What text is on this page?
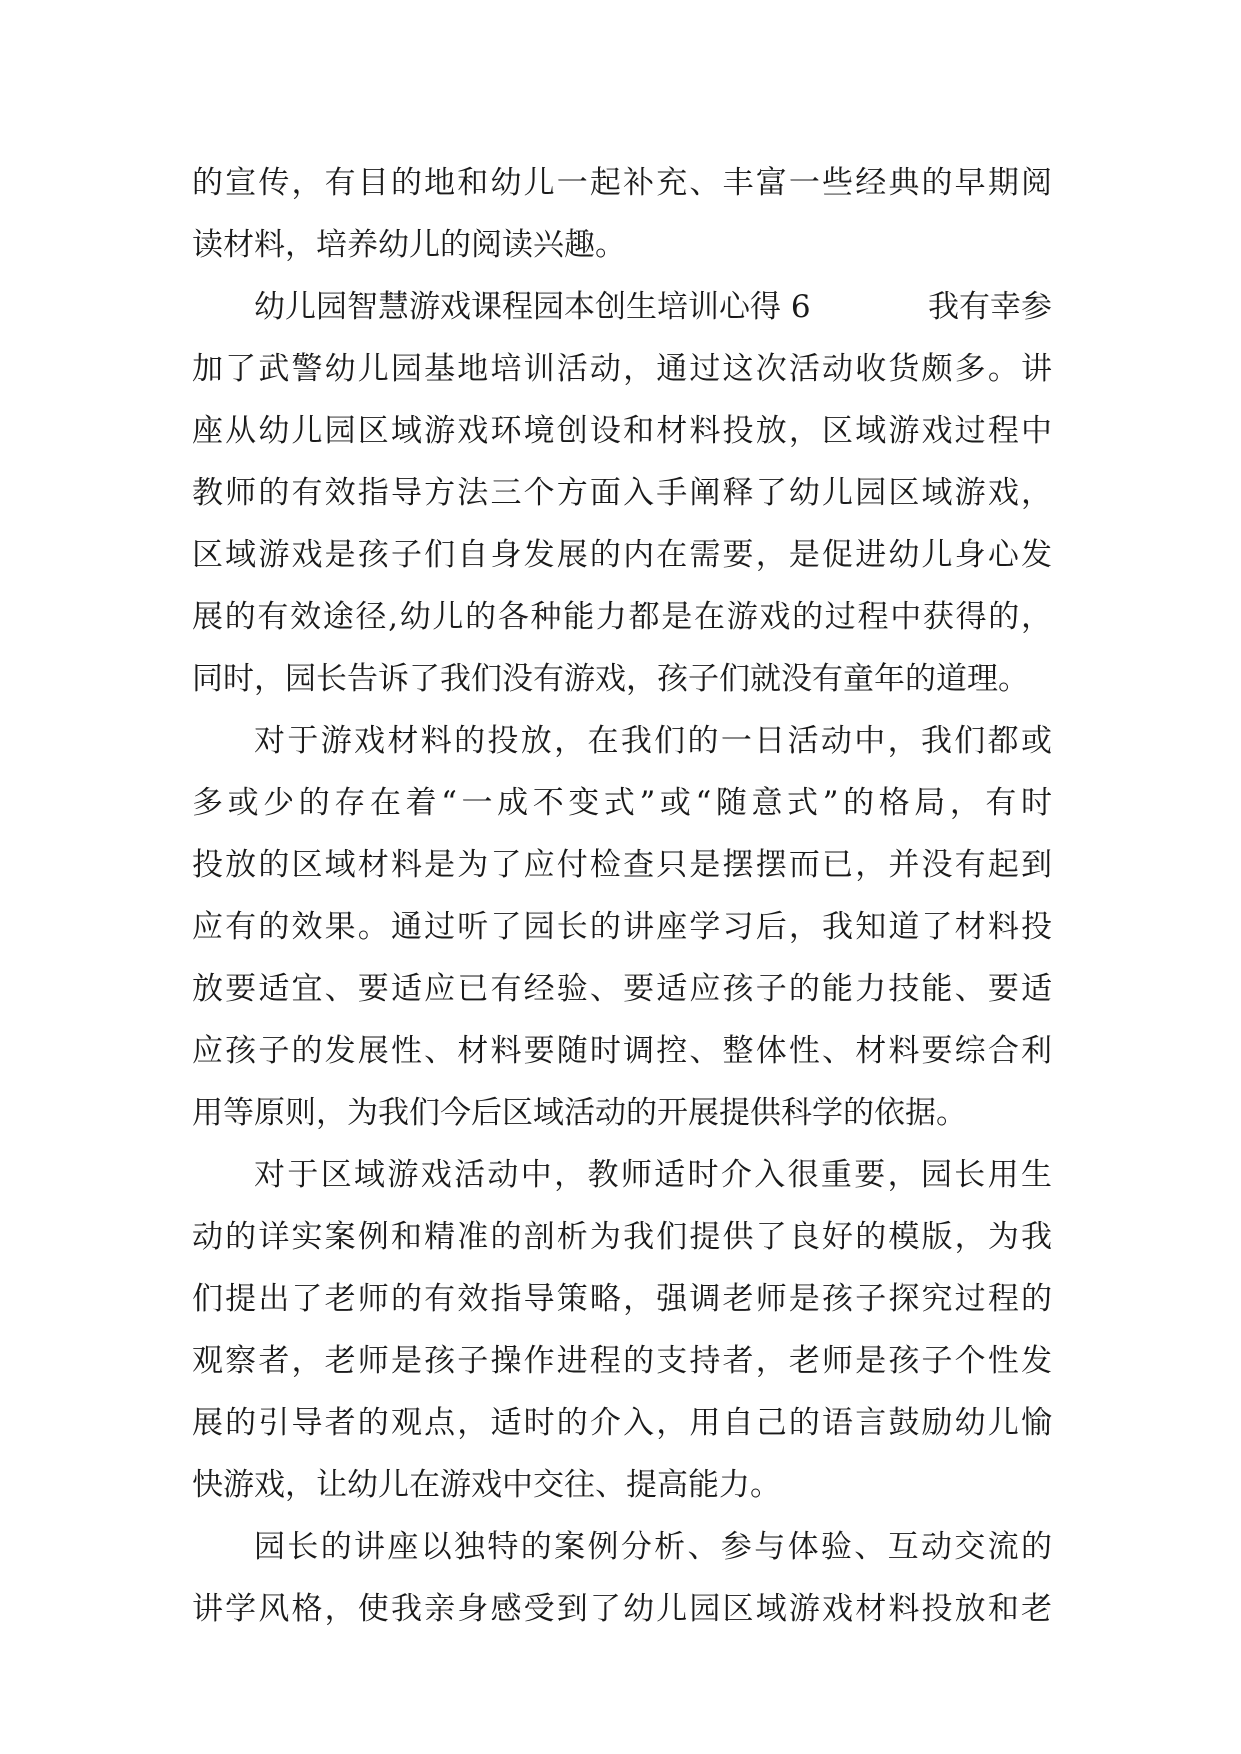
的宣传，有目的地和幼儿一起补充、丰富一些经典的早期阅
读材料，培养幼儿的阅读兴趣。
幼儿园智慧游戏课程园本创生培训心得 6	我有幸参
加了武警幼儿园基地培训活动，通过这次活动收货颇多。讲
座从幼儿园区域游戏环境创设和材料投放，区域游戏过程中
教师的有效指导方法三个方面入手阐释了幼儿园区域游戏，
区域游戏是孩子们自身发展的内在需要，是促进幼儿身心发
展的有效途径,幼儿的各种能力都是在游戏的过程中获得的，
同时，园长告诉了我们没有游戏，孩子们就没有童年的道理。
对于游戏材料的投放，在我们的一日活动中，我们都或
多或少的存在着“一成不变式”或“随意式”的格局，有时
投放的区域材料是为了应付检查只是摆摆而已，并没有起到
应有的效果。通过听了园长的讲座学习后，我知道了材料投
放要适宜、要适应已有经验、要适应孩子的能力技能、要适
应孩子的发展性、材料要随时调控、整体性、材料要综合利
用等原则，为我们今后区域活动的开展提供科学的依据。
对于区域游戏活动中，教师适时介入很重要，园长用生
动的详实案例和精准的剖析为我们提供了良好的模版，为我
们提出了老师的有效指导策略，强调老师是孩子探究过程的
观察者，老师是孩子操作进程的支持者，老师是孩子个性发
展的引导者的观点，适时的介入，用自己的语言鼓励幼儿愉
快游戏，让幼儿在游戏中交往、提高能力。
园长的讲座以独特的案例分析、参与体验、互动交流的
讲学风格，使我亲身感受到了幼儿园区域游戏材料投放和老
